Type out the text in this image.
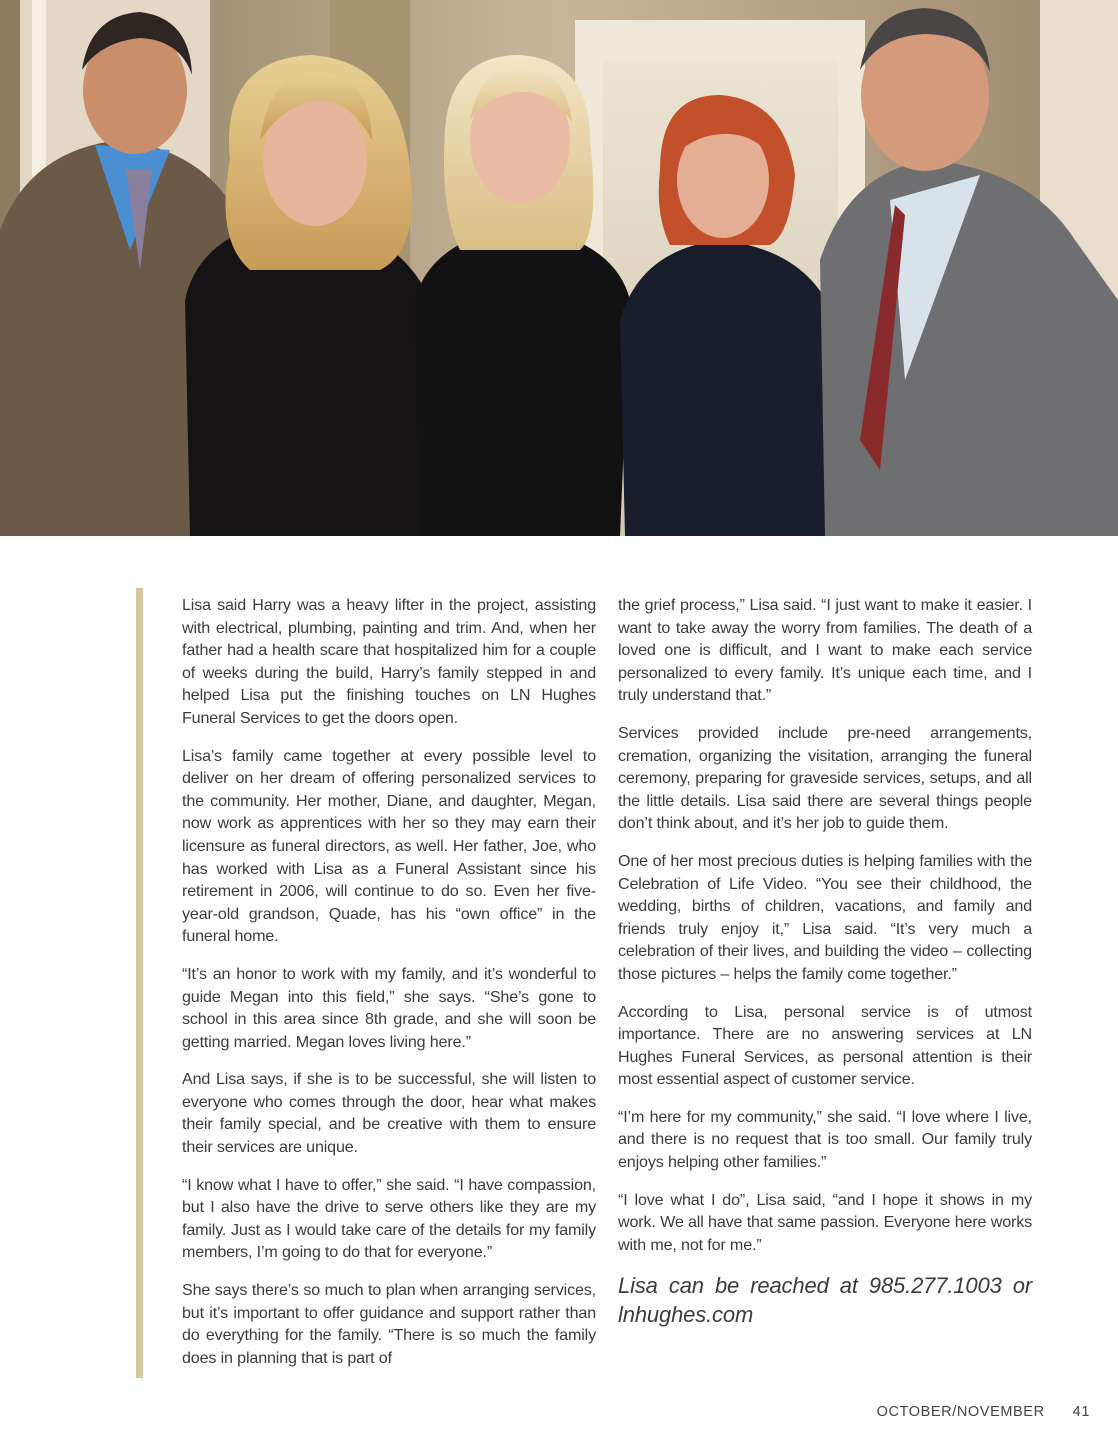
Lisa said Harry was a heavy lifter in the project, assisting with electrical, plumbing, painting and trim. And, when her father had a health scare that hospitalized him for a couple of weeks during the build, Harry’s family stepped in and helped Lisa put the finishing touches on LN Hughes Funeral Services to get the doors open.

Lisa’s family came together at every possible level to deliver on her dream of offering personalized services to the community. Her mother, Diane, and daughter, Megan, now work as apprentices with her so they may earn their licensure as funeral directors, as well. Her father, Joe, who has worked with Lisa as a Funeral Assistant since his retirement in 2006, will continue to do so. Even her five-year-old grandson, Quade, has his “own office” in the funeral home.

“It’s an honor to work with my family, and it’s wonderful to guide Megan into this field,” she says. “She’s gone to school in this area since 8th grade, and she will soon be getting married. Megan loves living here.”

And Lisa says, if she is to be successful, she will listen to everyone who comes through the door, hear what makes their family special, and be creative with them to ensure their services are unique.

“I know what I have to offer,” she said. “I have compassion, but I also have the drive to serve others like they are my family. Just as I would take care of the details for my family members, I’m going to do that for everyone.”

She says there’s so much to plan when arranging services, but it’s important to offer guidance and support rather than do everything for the family. “There is so much the family does in planning that is part of

the grief process,” Lisa said. “I just want to make it easier. I want to take away the worry from families. The death of a loved one is difficult, and I want to make each service personalized to every family. It’s unique each time, and I truly understand that.”

Services provided include pre-need arrangements, cremation, organizing the visitation, arranging the funeral ceremony, preparing for graveside services, setups, and all the little details. Lisa said there are several things people don’t think about, and it’s her job to guide them.

One of her most precious duties is helping families with the Celebration of Life Video. “You see their childhood, the wedding, births of children, vacations, and family and friends truly enjoy it,” Lisa said. “It’s very much a celebration of their lives, and building the video – collecting those pictures – helps the family come together.”

According to Lisa, personal service is of utmost importance. There are no answering services at LN Hughes Funeral Services, as personal attention is their most essential aspect of customer service.

“I’m here for my community,” she said. “I love where I live, and there is no request that is too small. Our family truly enjoys helping other families.”

“I love what I do”, Lisa said, “and I hope it shows in my work. We all have that same passion. Everyone here works with me, not for me.”

Lisa can be reached at 985.277.1003 or lnhughes.com

OCTOBER/NOVEMBER 41
